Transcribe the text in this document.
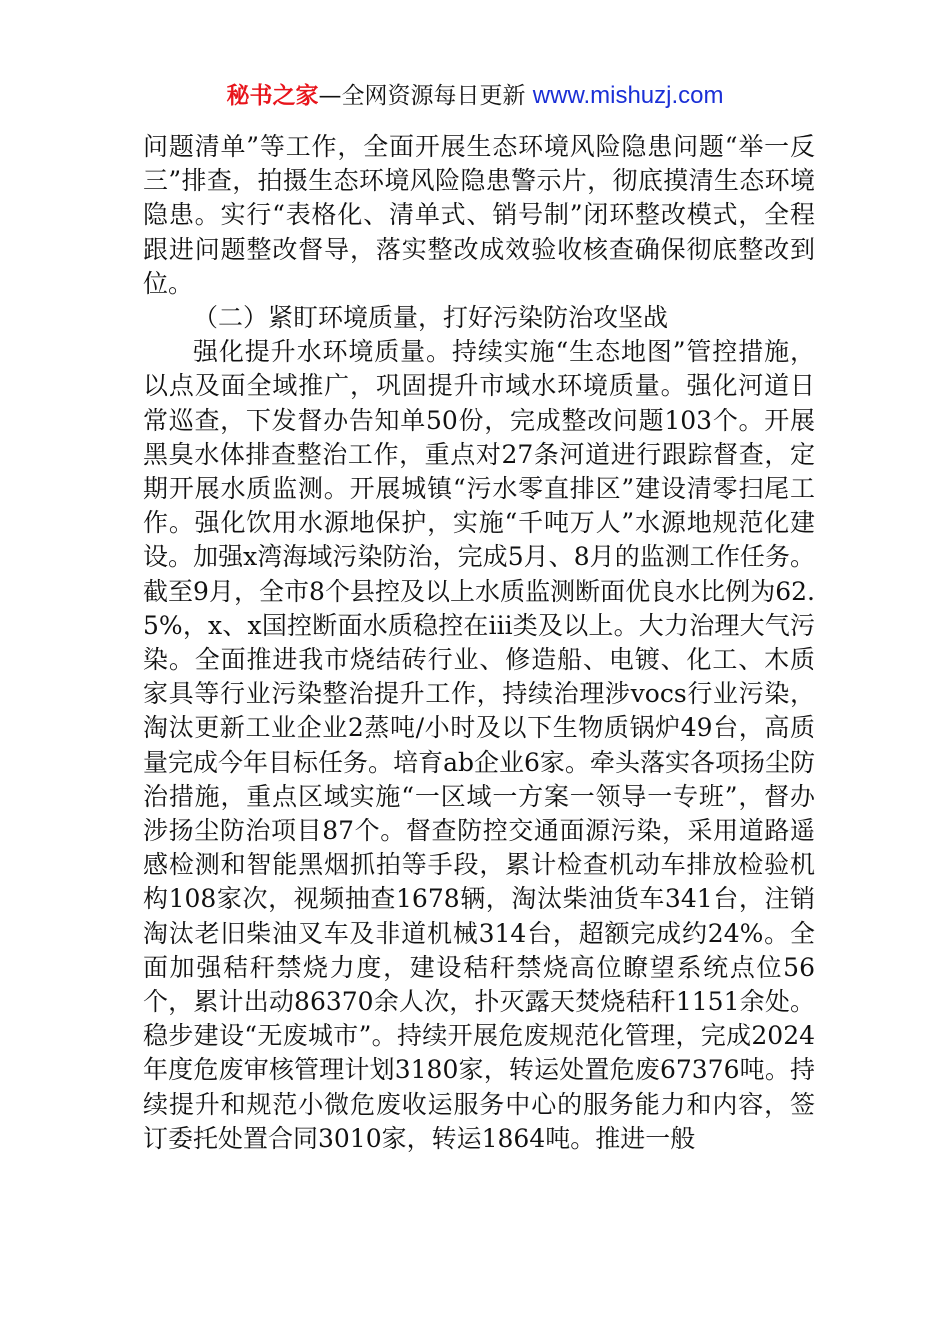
秘书之家—全网资源每日更新 www.mishuzj.com

问题清单”等工作，全面开展生态环境风险隐患问题“举一反三”排查，拍摄生态环境风险隐患警示片，彻底摸清生态环境隐患。实行“表格化、清单式、销号制”闭环整改模式，全程跟进问题整改督导，落实整改成效验收核查确保彻底整改到位。

（二）紧盯环境质量，打好污染防治攻坚战

强化提升水环境质量。持续实施“生态地图”管控措施，以点及面全域推广，巩固提升市域水环境质量。强化河道日常巡查，下发督办告知单50份，完成整改问题103个。开展黑臭水体排查整治工作，重点对27条河道进行跟踪督查，定期开展水质监测。开展城镇“污水零直排区”建设清零扫尾工作。强化饮用水源地保护，实施“千吨万人”水源地规范化建设。加强x湾海域污染防治，完成5月、8月的监测工作任务。截至9月，全市8个县控及以上水质监测断面优良水比例为62.5%，x、x国控断面水质稳控在iii类及以上。大力治理大气污染。全面推进我市烧结砖行业、修造船、电镀、化工、木质家具等行业污染整治提升工作，持续治理涉vocs行业污染，淘汰更新工业企业2蒸吨/小时及以下生物质锅炉49台，高质量完成今年目标任务。培育ab企业6家。牵头落实各项扬尘防治措施，重点区域实施“一区域一方案一领导一专班”，督办涉扬尘防治项目87个。督查防控交通面源污染，采用道路遥感检测和智能黑烟抓拍等手段，累计检查机动车排放检验机构108家次，视频抽查1678辆，淘汰柴油货车341台，注销淘汰老旧柴油叉车及非道机械314台，超额完成约24%。全面加强秸秆禁烧力度，建设秸秆禁烧高位瞭望系统点位56个，累计出动86370余人次，扑灭露天焚烧秸秆1151余处。稳步建设“无废城市”。持续开展危废规范化管理，完成2024年度危废审核管理计划3180家，转运处置危废67376吨。持续提升和规范小微危废收运服务中心的服务能力和内容，签订委托处置合同3010家，转运1864吨。推进一般
